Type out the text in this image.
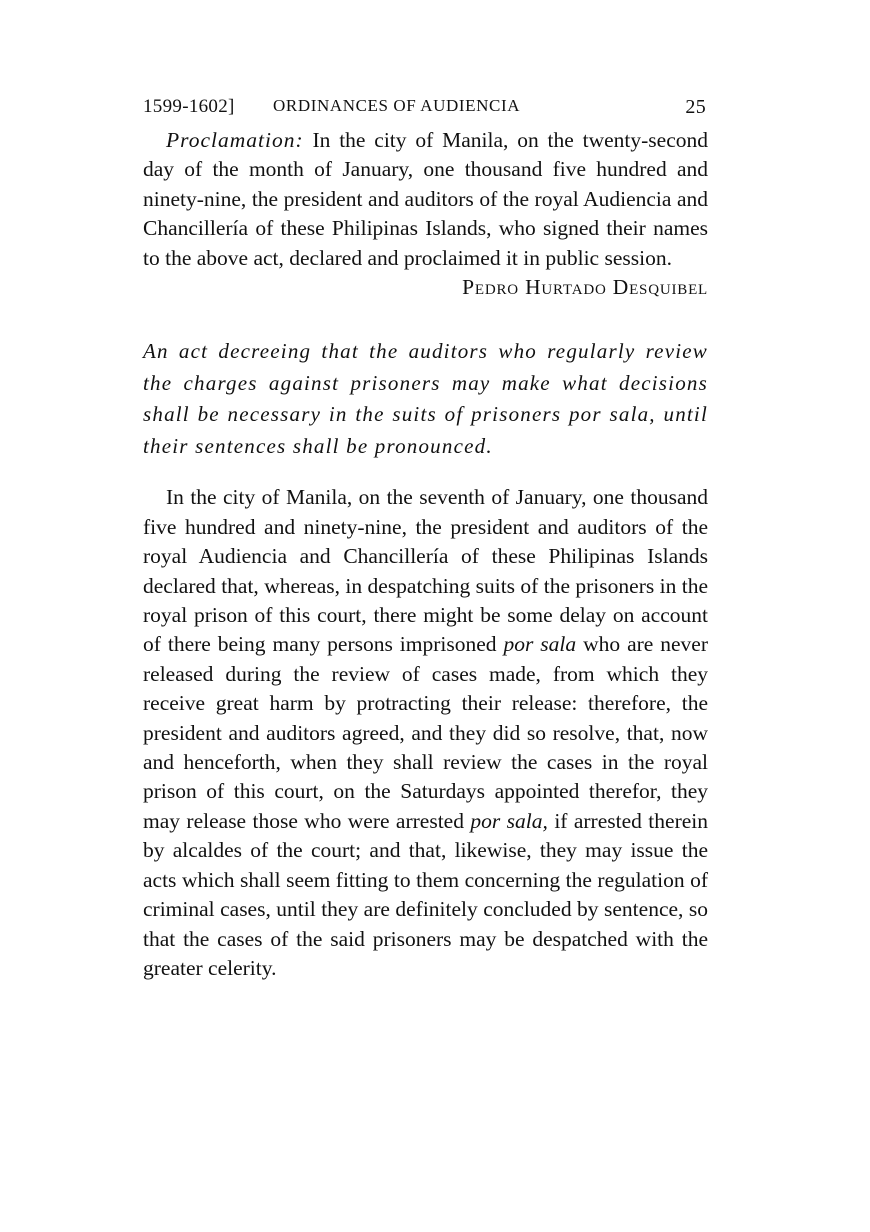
1599-1602] ORDINANCES OF AUDIENCIA	25

Proclamation: In the city of Manila, on the twenty-second day of the month of January, one thousand five hundred and ninety-nine, the president and auditors of the royal Audiencia and Chancillería of these Philipinas Islands, who signed their names to the above act, declared and proclaimed it in public session.

Pedro Hurtado Desquibel

An act decreeing that the auditors who regularly review the charges against prisoners may make what decisions shall be necessary in the suits of prisoners por sala, until their sentences shall be pronounced.

In the city of Manila, on the seventh of January, one thousand five hundred and ninety-nine, the president and auditors of the royal Audiencia and Chancillería of these Philipinas Islands declared that, whereas, in despatching suits of the prisoners in the royal prison of this court, there might be some delay on account of there being many persons imprisoned por sala who are never released during the review of cases made, from which they receive great harm by protracting their release: therefore, the president and auditors agreed, and they did so resolve, that, now and henceforth, when they shall review the cases in the royal prison of this court, on the Saturdays appointed therefor, they may release those who were arrested por sala, if arrested therein by alcaldes of the court; and that, likewise, they may issue the acts which shall seem fitting to them concerning the regulation of criminal cases, until they are definitely concluded by sentence, so that the cases of the said prisoners may be despatched with the greater celerity.
